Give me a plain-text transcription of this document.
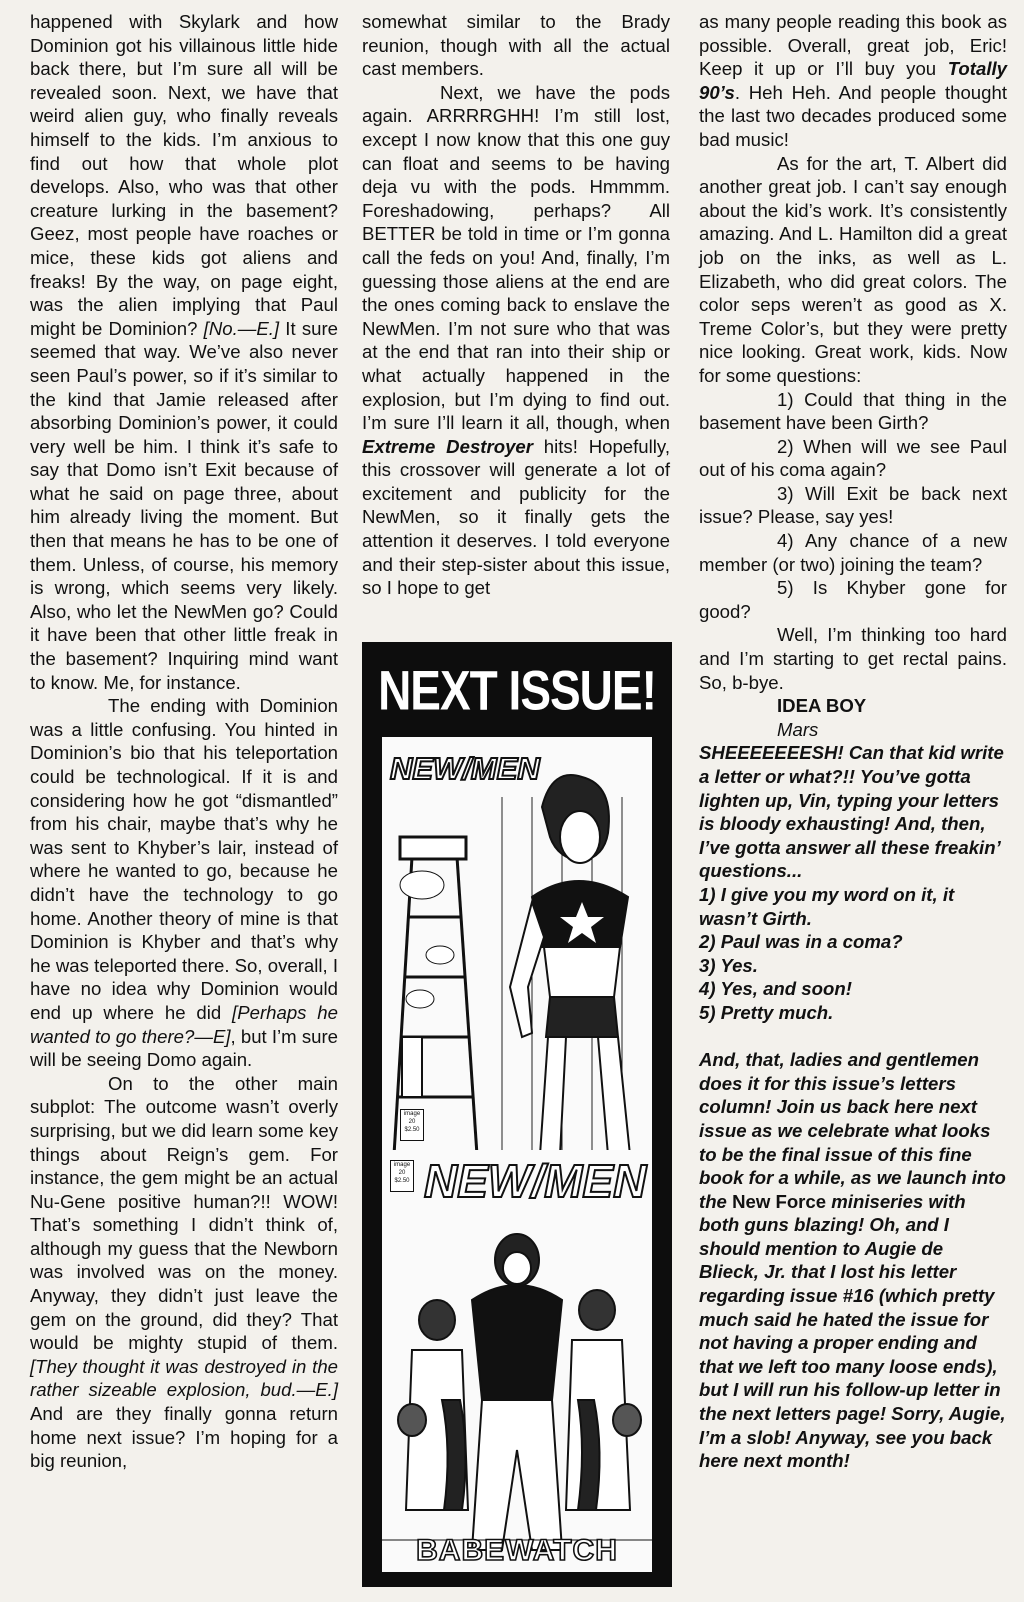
happened with Skylark and how Dominion got his villainous little hide back there, but I’m sure all will be revealed soon. Next, we have that weird alien guy, who finally reveals himself to the kids. I’m anxious to find out how that whole plot develops. Also, who was that other creature lurking in the basement? Geez, most people have roaches or mice, these kids got aliens and freaks! By the way, on page eight, was the alien implying that Paul might be Dominion? [No.—E.] It sure seemed that way. We’ve also never seen Paul’s power, so if it’s similar to the kind that Jamie released after absorbing Dominion’s power, it could very well be him. I think it’s safe to say that Domo isn’t Exit because of what he said on page three, about him already living the moment. But then that means he has to be one of them. Unless, of course, his memory is wrong, which seems very likely. Also, who let the NewMen go? Could it have been that other little freak in the basement? Inquiring mind want to know. Me, for instance.

The ending with Dominion was a little confusing. You hinted in Dominion’s bio that his teleportation could be technological. If it is and considering how he got “dismantled” from his chair, maybe that’s why he was sent to Khyber’s lair, instead of where he wanted to go, because he didn’t have the technology to go home. Another theory of mine is that Dominion is Khyber and that’s why he was teleported there. So, overall, I have no idea why Dominion would end up where he did [Perhaps he wanted to go there?—E], but I’m sure will be seeing Domo again.

On to the other main subplot: The outcome wasn’t overly surprising, but we did learn some key things about Reign’s gem. For instance, the gem might be an actual Nu-Gene positive human?!! WOW! That’s something I didn’t think of, although my guess that the Newborn was involved was on the money. Anyway, they didn’t just leave the gem on the ground, did they? That would be mighty stupid of them. [They thought it was destroyed in the rather sizeable explosion, bud.—E.] And are they finally gonna return home next issue? I’m hoping for a big reunion,

somewhat similar to the Brady reunion, though with all the actual cast members.

Next, we have the pods again. ARRRRGHH! I’m still lost, except I now know that this one guy can float and seems to be having deja vu with the pods. Hmmmm. Foreshadowing, perhaps? All BETTER be told in time or I’m gonna call the feds on you! And, finally, I’m guessing those aliens at the end are the ones coming back to enslave the NewMen. I’m not sure who that was at the end that ran into their ship or what actually happened in the explosion, but I’m dying to find out. I’m sure I’ll learn it all, though, when Extreme Destroyer hits! Hopefully, this crossover will generate a lot of excitement and publicity for the NewMen, so it finally gets the attention it deserves. I told everyone and their step-sister about this issue, so I hope to get

NEXT ISSUE!
NEW/MEN
image
20
$2.50
image
20
$2.50 NEW/MEN
BABEWATCH

as many people reading this book as possible. Overall, great job, Eric! Keep it up or I’ll buy you Totally 90’s. Heh Heh. And people thought the last two decades produced some bad music!

As for the art, T. Albert did another great job. I can’t say enough about the kid’s work. It’s consistently amazing. And L. Hamilton did a great job on the inks, as well as L. Elizabeth, who did great colors. The color seps weren’t as good as X. Treme Color’s, but they were pretty nice looking. Great work, kids. Now for some questions:

1) Could that thing in the basement have been Girth?

2) When will we see Paul out of his coma again?

3) Will Exit be back next issue? Please, say yes!

4) Any chance of a new member (or two) joining the team?

5) Is Khyber gone for good?

Well, I’m thinking too hard and I’m starting to get rectal pains. So, b-bye.

IDEA BOY

Mars

SHEEEEEEESH! Can that kid write a letter or what?!! You’ve gotta lighten up, Vin, typing your letters is bloody exhausting! And, then, I’ve gotta answer all these freakin’ questions...

1) I give you my word on it, it wasn’t Girth.

2) Paul was in a coma?

3) Yes.

4) Yes, and soon!

5) Pretty much.

And, that, ladies and gentlemen does it for this issue’s letters column! Join us back here next issue as we celebrate what looks to be the final issue of this fine book for a while, as we launch into the New Force miniseries with both guns blazing! Oh, and I should mention to Augie de Blieck, Jr. that I lost his letter regarding issue #16 (which pretty much said he hated the issue for not having a proper ending and that we left too many loose ends), but I will run his follow-up letter in the next letters page! Sorry, Augie, I’m a slob! Anyway, see you back here next month!
